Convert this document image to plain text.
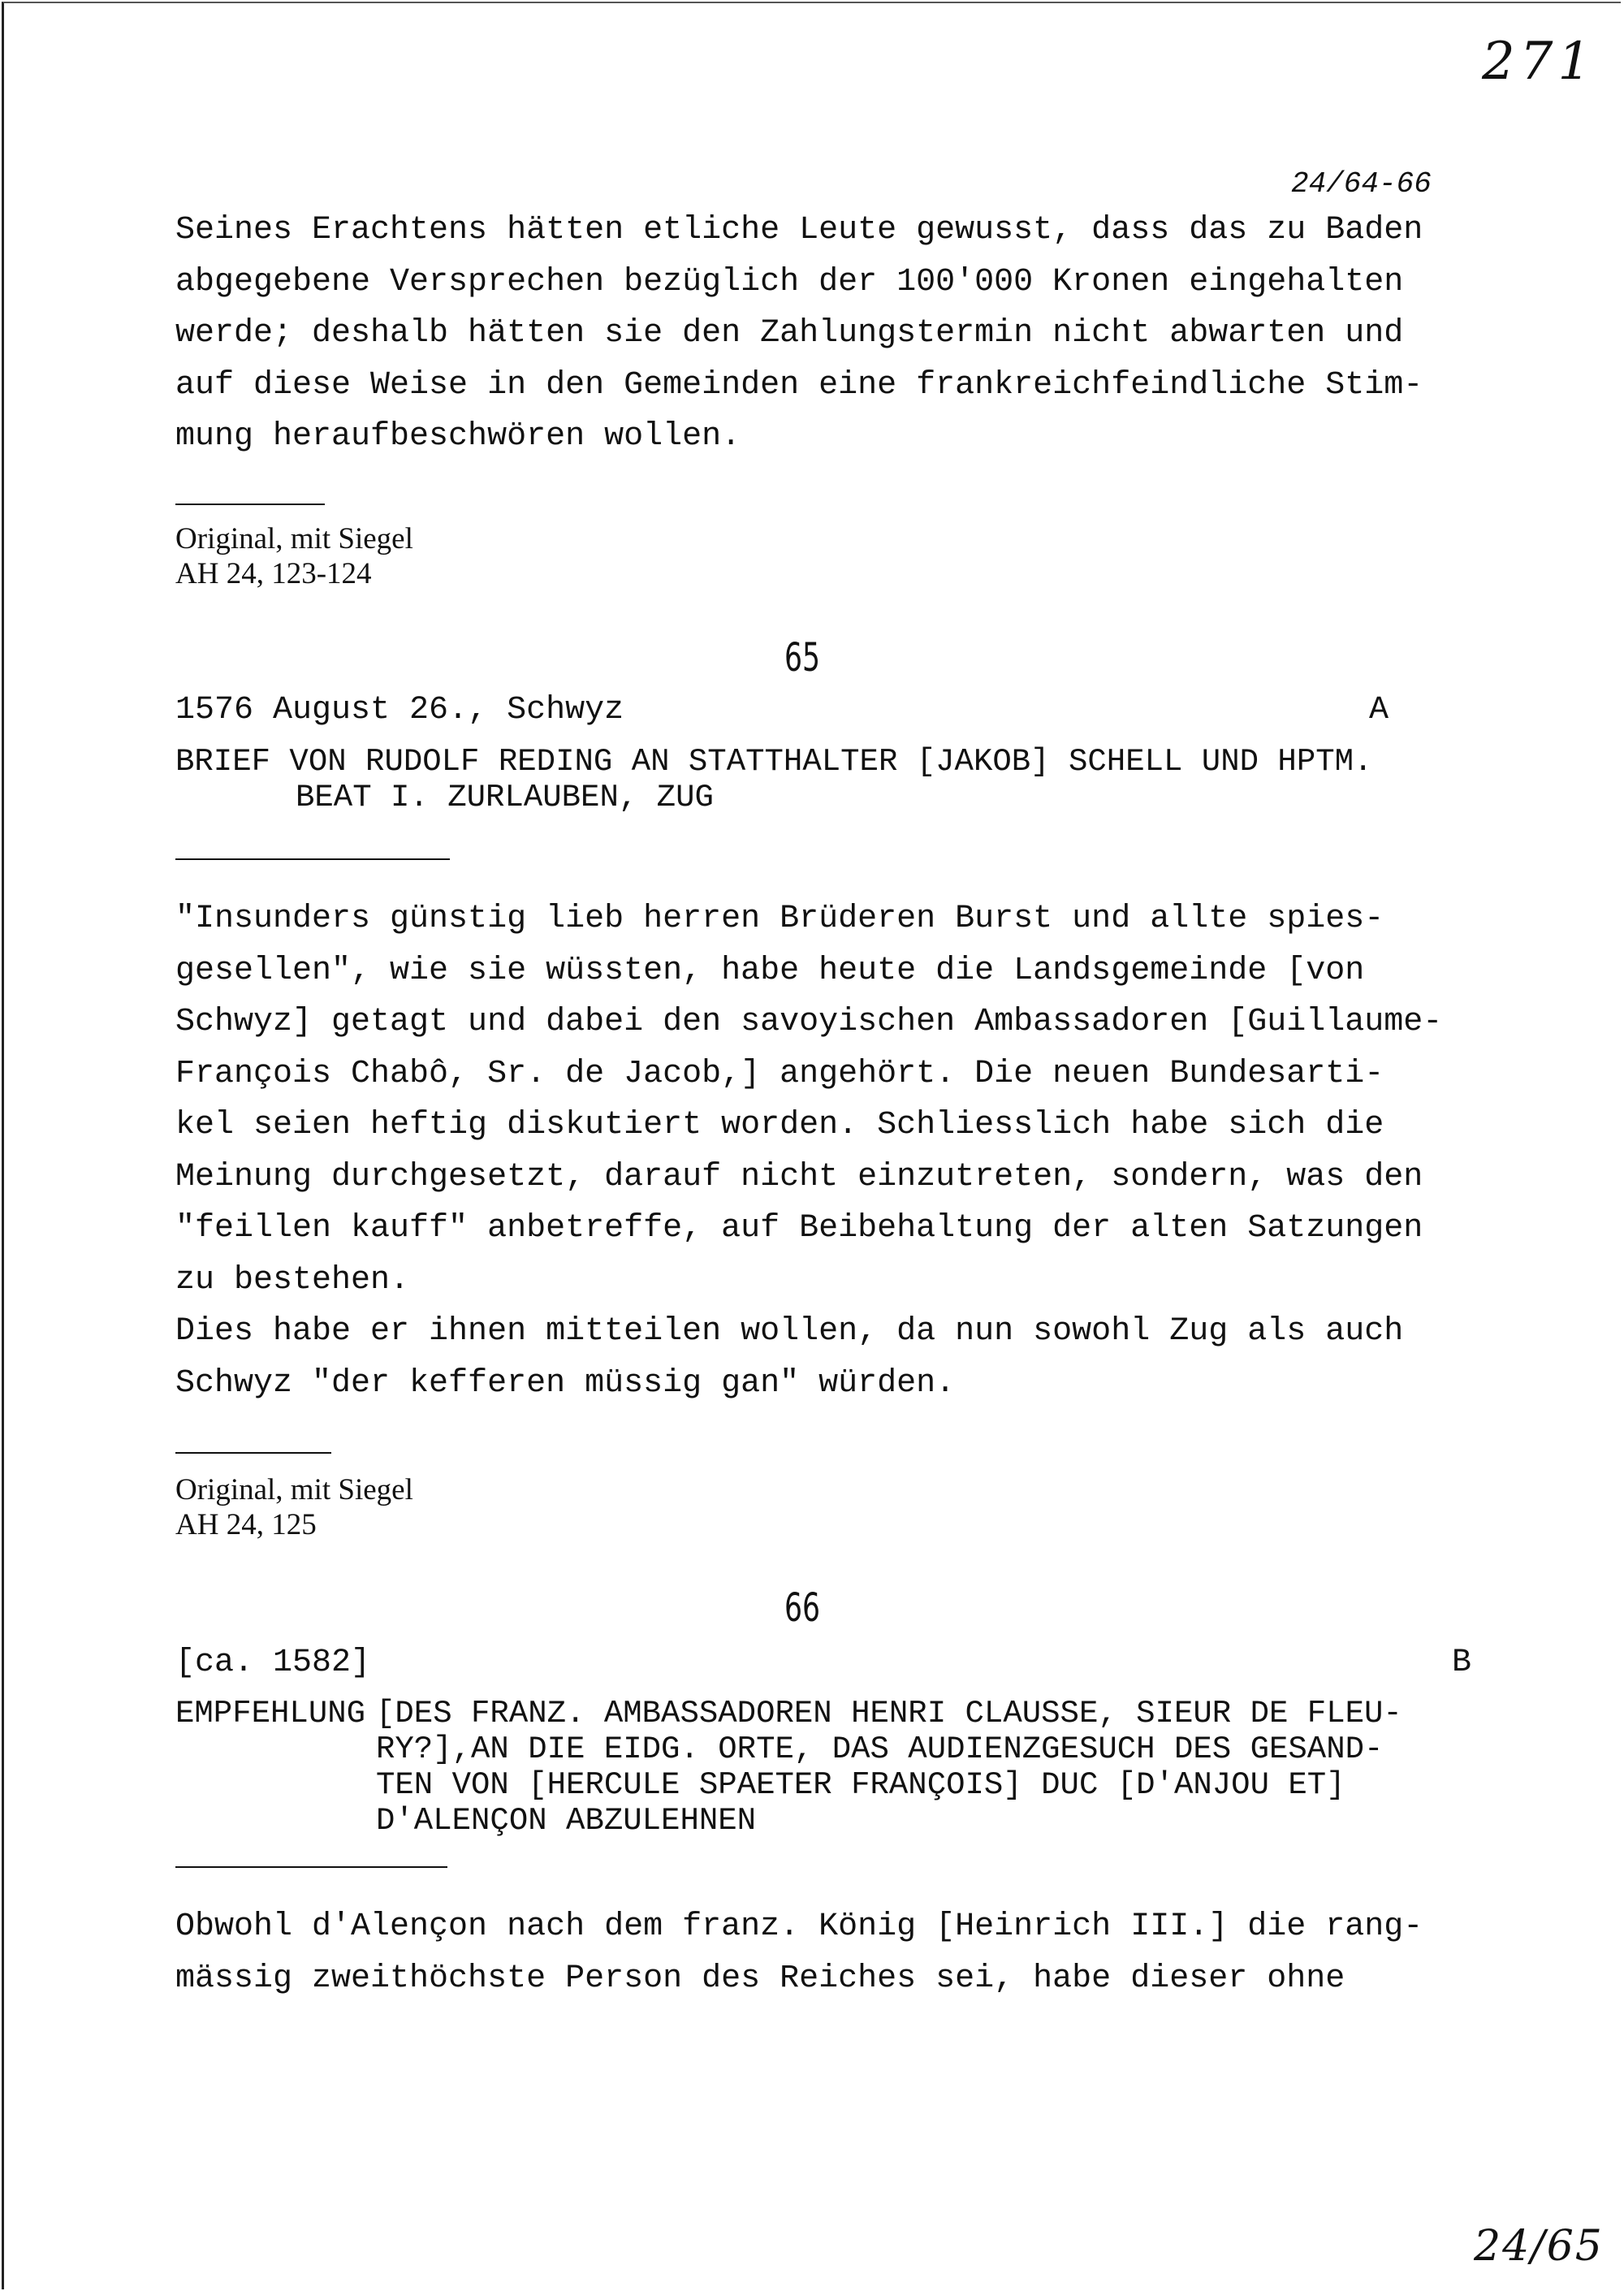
271
24/64-66
Seines Erachtens hätten etliche Leute gewusst, dass das zu Baden
abgegebene Versprechen bezüglich der 100'000 Kronen eingehalten
werde; deshalb hätten sie den Zahlungstermin nicht abwarten und
auf diese Weise in den Gemeinden eine frankreichfeindliche Stim-
mung heraufbeschwören wollen.
Original, mit Siegel
AH 24, 123-124
65
1576 August 26., Schwyz	A
BRIEF VON RUDOLF REDING AN STATTHALTER [JAKOB] SCHELL UND HPTM.
BEAT I. ZURLAUBEN, ZUG
"Insunders günstig lieb herren Brüderen Burst und allte spies-
gesellen", wie sie wüssten, habe heute die Landsgemeinde [von
Schwyz] getagt und dabei den savoyischen Ambassadoren [Guillaume-
François Chabô, Sr. de Jacob,] angehört. Die neuen Bundesarti-
kel seien heftig diskutiert worden. Schliesslich habe sich die
Meinung durchgesetzt, darauf nicht einzutreten, sondern, was den
"feillen kauff" anbetreffe, auf Beibehaltung der alten Satzungen
zu bestehen.
Dies habe er ihnen mitteilen wollen, da nun sowohl Zug als auch
Schwyz "der kefferen müssig gan" würden.
Original, mit Siegel
AH 24, 125
66
[ca. 1582]	B
EMPFEHLUNG [DES FRANZ. AMBASSADOREN HENRI CLAUSSE, SIEUR DE FLEU-
RY?],AN DIE EIDG. ORTE, DAS AUDIENZGESUCH DES GESAND-
TEN VON [HERCULE SPAETER FRANÇOIS] DUC [D'ANJOU ET]
D'ALENÇON ABZULEHNEN
Obwohl d'Alençon nach dem franz. König [Heinrich III.] die rang-
mässig zweithöchste Person des Reiches sei, habe dieser ohne
24/65
